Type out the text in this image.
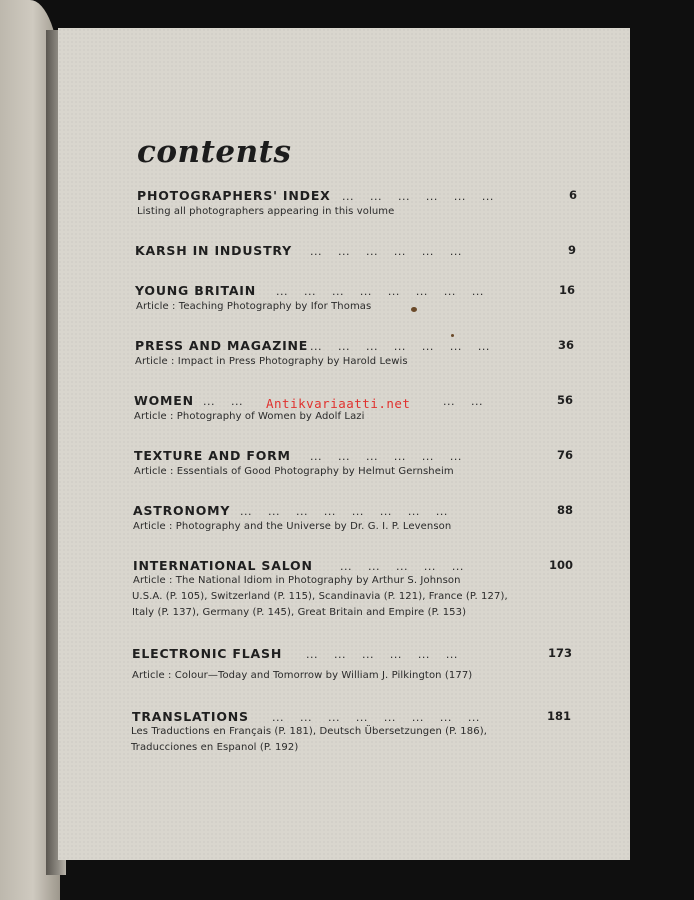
contents
PHOTOGRAPHERS' INDEX ...    ...    ...    ...    ...    ...	6
Listing all photographers appearing in this volume
KARSH IN INDUSTRY ...    ...    ...    ...    ...    ...	9
YOUNG BRITAIN ...    ...    ...    ...    ...    ...    ...    ...	16
Article : Teaching Photography by Ifor Thomas
PRESS AND MAGAZINE ...    ...    ...    ...    ...    ...    ...	36
Article : Impact in Press Photography by Harold Lewis
WOMEN ...    ...	...    ...	56
Article : Photography of Women by Adolf Lazi
TEXTURE AND FORM ...    ...    ...    ...    ...    ...	76
Article : Essentials of Good Photography by Helmut Gernsheim
ASTRONOMY ...    ...    ...    ...    ...    ...    ...    ...	88
Article : Photography and the Universe by Dr. G. I. P. Levenson
INTERNATIONAL SALON ...    ...    ...    ...    ...	100
Article : The National Idiom in Photography by Arthur S. Johnson
U.S.A. (P. 105), Switzerland (P. 115), Scandinavia (P. 121), France (P. 127),
Italy (P. 137), Germany (P. 145), Great Britain and Empire (P. 153)
ELECTRONIC FLASH ...    ...    ...    ...    ...    ...	173
Article : Colour—Today and Tomorrow by William J. Pilkington (177)
TRANSLATIONS ...    ...    ...    ...    ...    ...    ...    ...	181
Les Traductions en Français (P. 181), Deutsch Übersetzungen (P. 186),
Traducciones en Espanol (P. 192)
Antikvariaatti.net
